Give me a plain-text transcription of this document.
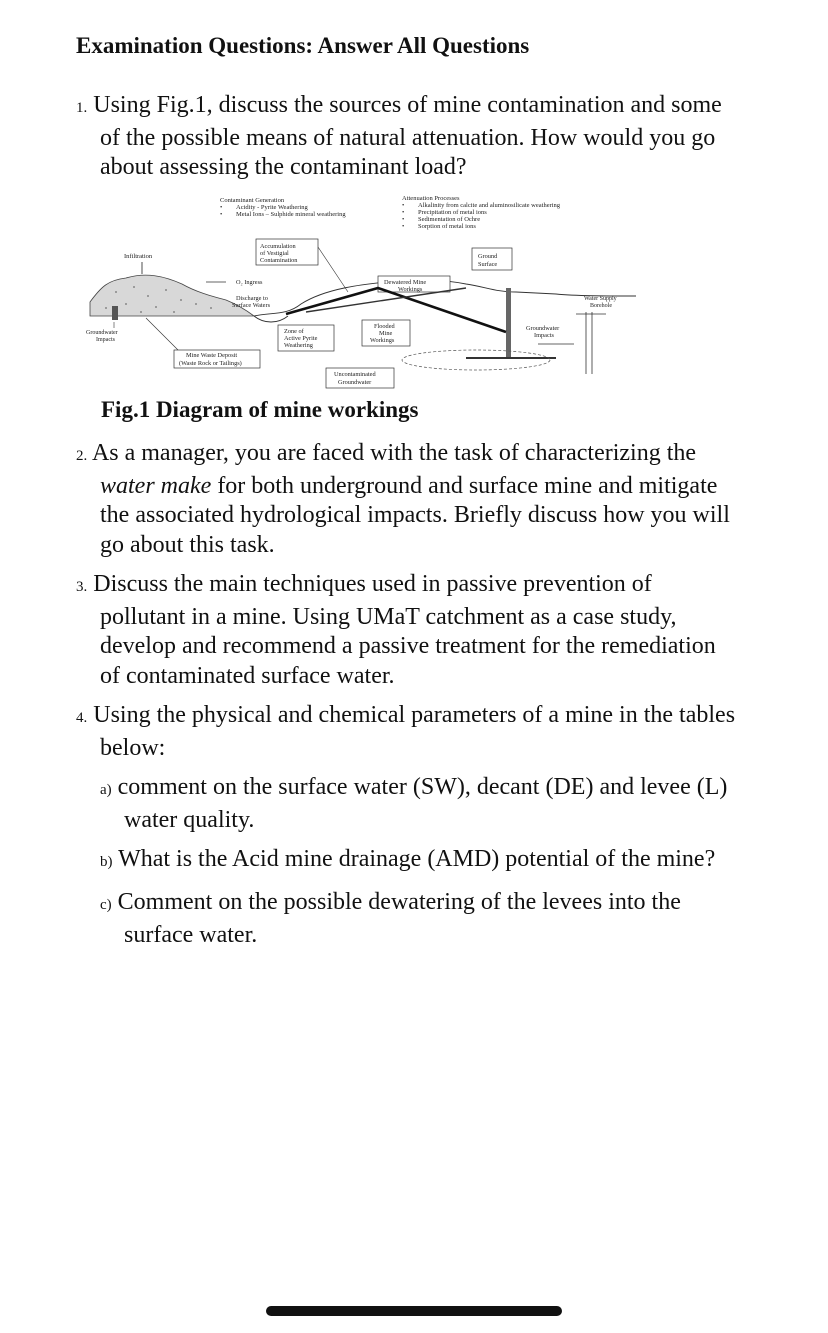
Examination Questions: Answer All Questions
1. Using Fig.1, discuss the sources of mine contamination and some
of the possible means of natural attenuation. How would you go
about assessing the contaminant load?
Contaminant Generation
• Acidity - Pyrite Weathering
• Metal Ions – Sulphide mineral weathering
Attenuation Processes
• Alkalinity from calcite and aluminosilicate weathering
• Precipitation of metal ions
• Sedimentation of Ochre
• Sorption of metal ions
Infiltration
Accumulation
of Vestigial
Contamination
O₂ Ingress
Discharge to
Surface Waters
Dewatered Mine
Workings
Ground
Surface
Water Supply
Borehole
Groundwater
Impacts
Zone of
Active Pyrite
Weathering
Flooded
Mine
Workings
Groundwater
Impacts
Mine Waste Deposit
(Waste Rock or Tailings)
Uncontaminated
Groundwater
Fig.1 Diagram of mine workings
2. As a manager, you are faced with the task of characterizing the
water make for both underground and surface mine and mitigate
the associated hydrological impacts. Briefly discuss how you will
go about this task.
3. Discuss the main techniques used in passive prevention of
pollutant in a mine. Using UMaT catchment as a case study,
develop and recommend a passive treatment for the remediation
of contaminated surface water.
4. Using the physical and chemical parameters of a mine in the tables
below:
a) comment on the surface water (SW), decant (DE) and levee (L)
water quality.
b) What is the Acid mine drainage (AMD) potential of the mine?
c) Comment on the possible dewatering of the levees into the
surface water.
